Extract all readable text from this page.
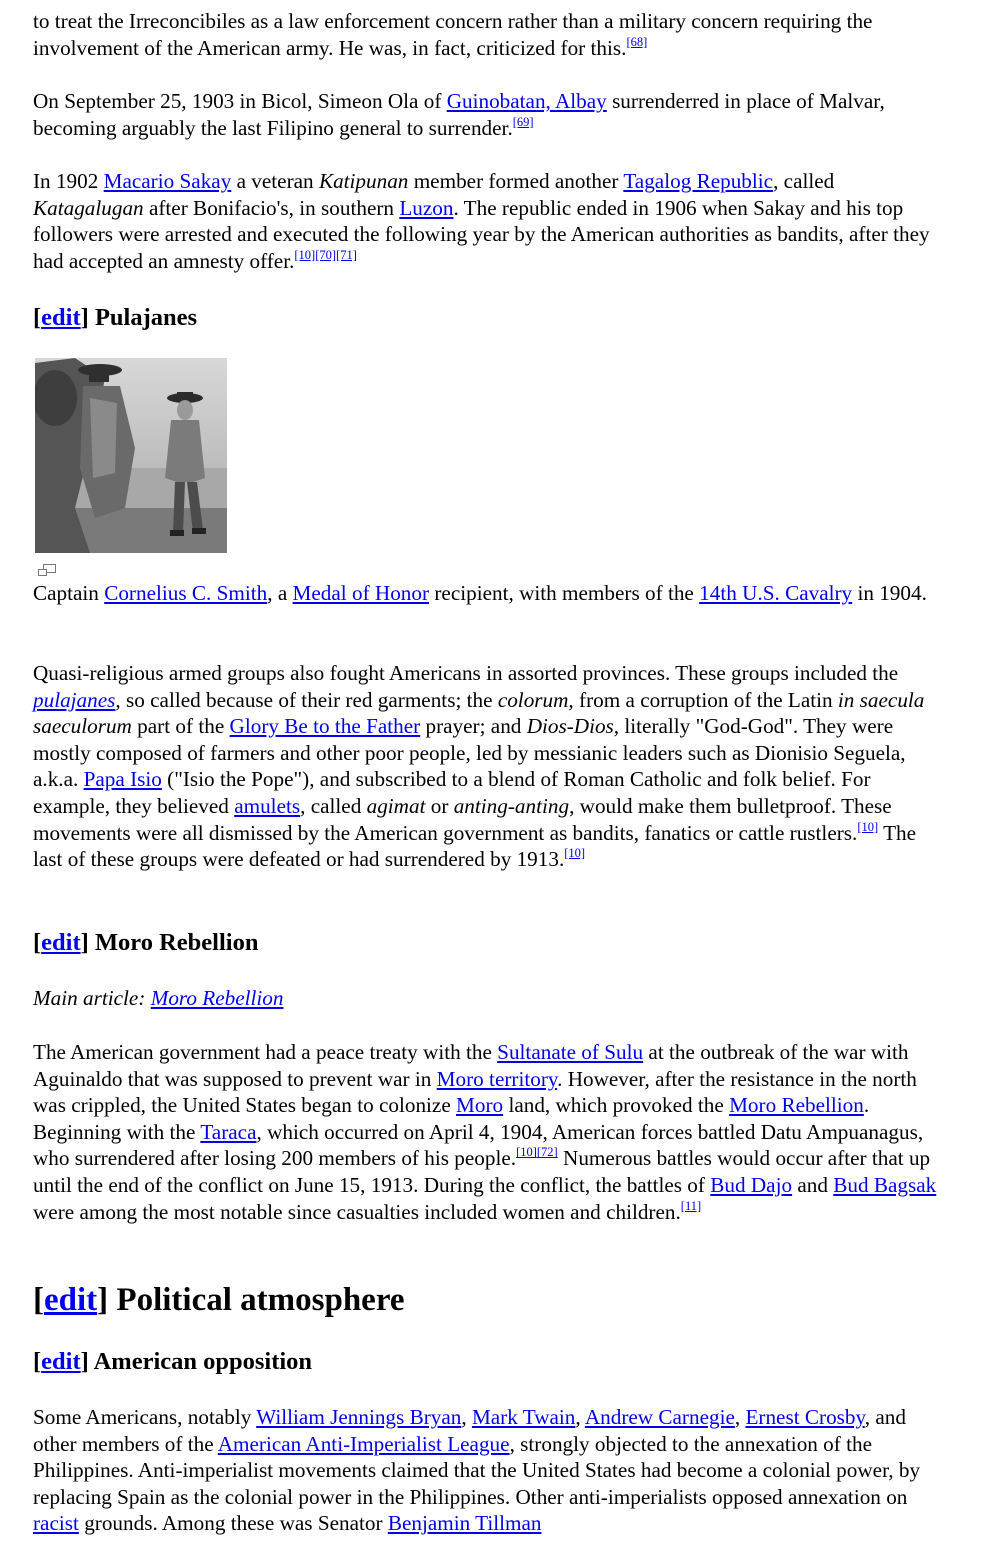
to treat the Irreconcibiles as a law enforcement concern rather than a military concern requiring the involvement of the American army. He was, in fact, criticized for this.[68]

On September 25, 1903 in Bicol, Simeon Ola of Guinobatan, Albay surrenderred in place of Malvar, becoming arguably the last Filipino general to surrender.[69]

In 1902 Macario Sakay a veteran Katipunan member formed another Tagalog Republic, called Katagalugan after Bonifacio's, in southern Luzon. The republic ended in 1906 when Sakay and his top followers were arrested and executed the following year by the American authorities as bandits, after they had accepted an amnesty offer.[10][70][71]

[edit] Pulajanes

Captain Cornelius C. Smith, a Medal of Honor recipient, with members of the 14th U.S. Cavalry in 1904.

Quasi-religious armed groups also fought Americans in assorted provinces. These groups included the pulajanes, so called because of their red garments; the colorum, from a corruption of the Latin in saecula saeculorum part of the Glory Be to the Father prayer; and Dios-Dios, literally "God-God". They were mostly composed of farmers and other poor people, led by messianic leaders such as Dionisio Seguela, a.k.a. Papa Isio ("Isio the Pope"), and subscribed to a blend of Roman Catholic and folk belief. For example, they believed amulets, called agimat or anting-anting, would make them bulletproof. These movements were all dismissed by the American government as bandits, fanatics or cattle rustlers.[10] The last of these groups were defeated or had surrendered by 1913.[10]

[edit] Moro Rebellion

Main article: Moro Rebellion

The American government had a peace treaty with the Sultanate of Sulu at the outbreak of the war with Aguinaldo that was supposed to prevent war in Moro territory. However, after the resistance in the north was crippled, the United States began to colonize Moro land, which provoked the Moro Rebellion. Beginning with the Taraca, which occurred on April 4, 1904, American forces battled Datu Ampuanagus, who surrendered after losing 200 members of his people.[10][72] Numerous battles would occur after that up until the end of the conflict on June 15, 1913. During the conflict, the battles of Bud Dajo and Bud Bagsak were among the most notable since casualties included women and children.[11]

[edit] Political atmosphere
[edit] American opposition

Some Americans, notably William Jennings Bryan, Mark Twain, Andrew Carnegie, Ernest Crosby, and other members of the American Anti-Imperialist League, strongly objected to the annexation of the Philippines. Anti-imperialist movements claimed that the United States had become a colonial power, by replacing Spain as the colonial power in the Philippines. Other anti-imperialists opposed annexation on racist grounds. Among these was Senator Benjamin Tillman
